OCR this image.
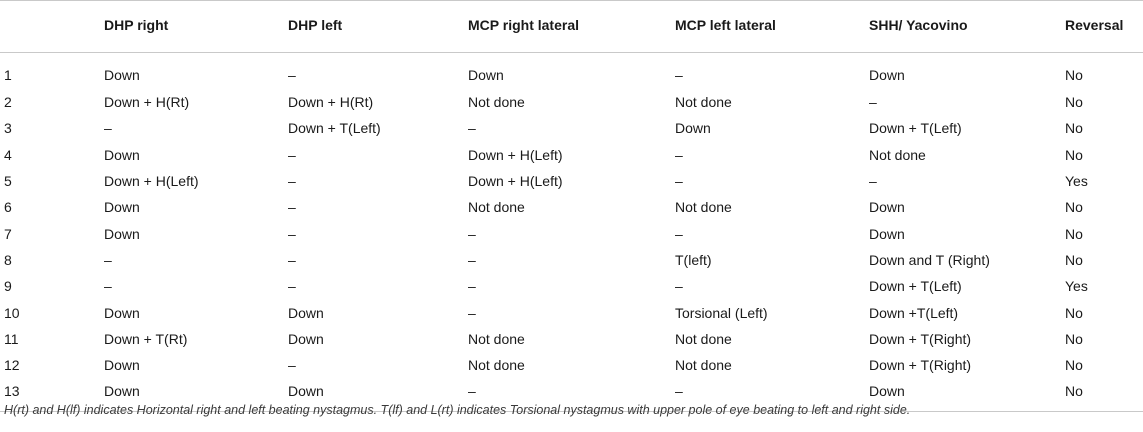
	DHP right	DHP left	MCP right lateral	MCP left lateral	SHH/ Yacovino	Reversal
1	Down	–	Down	–	Down	No
2	Down + H(Rt)	Down + H(Rt)	Not done	Not done	–	No
3	–	Down + T(Left)	–	Down	Down + T(Left)	No
4	Down	–	Down + H(Left)	–	Not done	No
5	Down + H(Left)	–	Down + H(Left)	–	–	Yes
6	Down	–	Not done	Not done	Down	No
7	Down	–	–	–	Down	No
8	–	–	–	T(left)	Down and T (Right)	No
9	–	–	–	–	Down + T(Left)	Yes
10	Down	Down	–	Torsional (Left)	Down +T(Left)	No
11	Down + T(Rt)	Down	Not done	Not done	Down + T(Right)	No
12	Down	–	Not done	Not done	Down + T(Right)	No
13	Down	Down	–	–	Down	No
H(rt) and H(lf) indicates Horizontal right and left beating nystagmus. T(lf) and L(rt) indicates Torsional nystagmus with upper pole of eye beating to left and right side.
